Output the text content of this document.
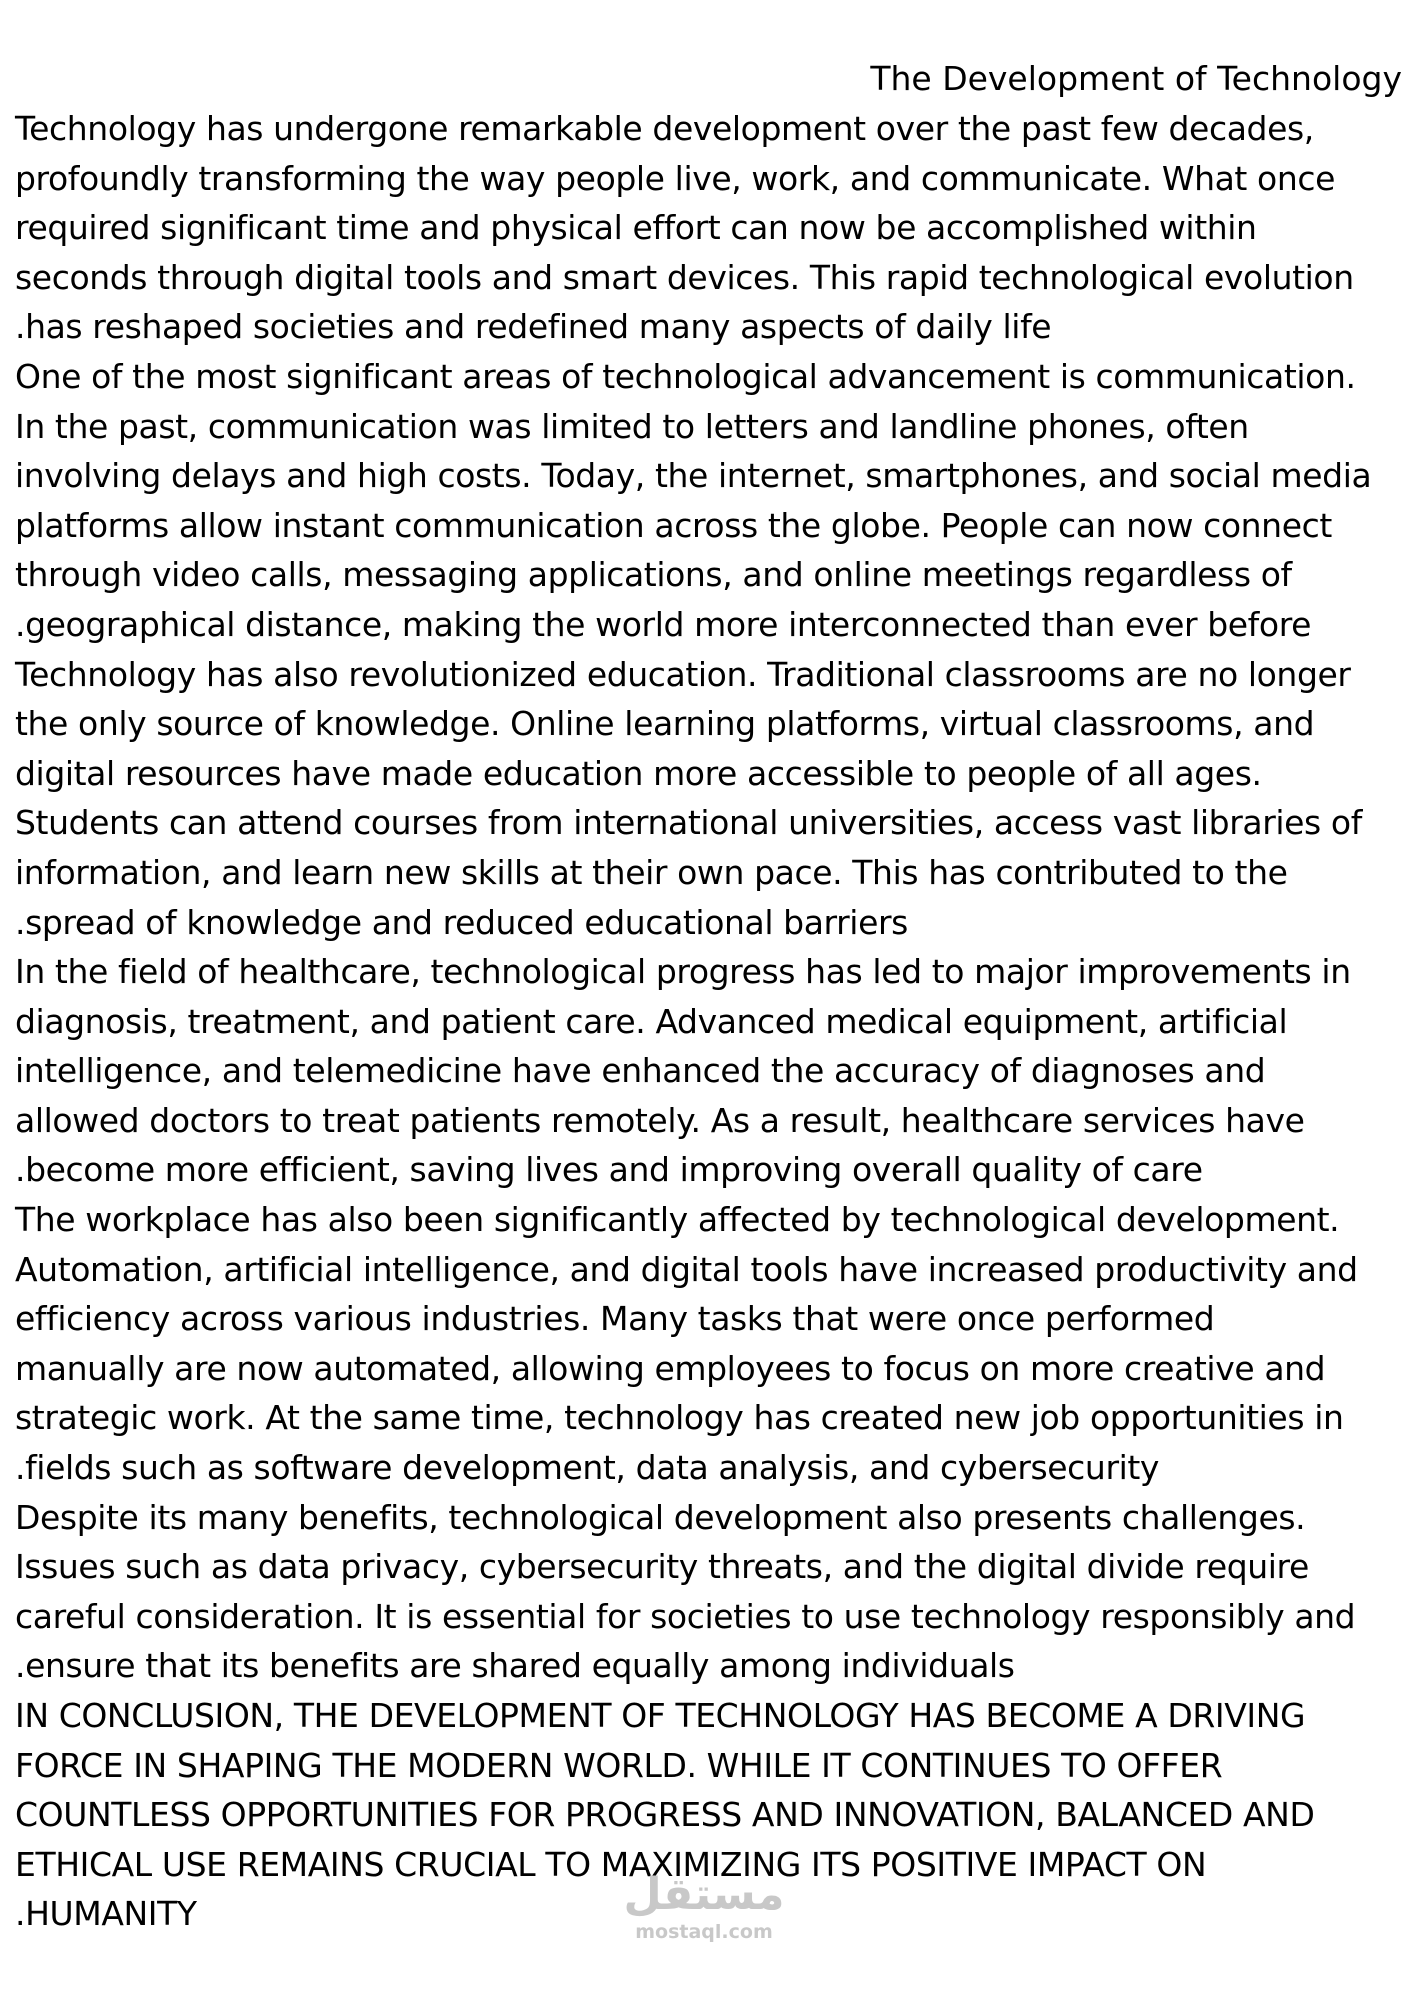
The Development of Technology
Technology has undergone remarkable development over the past few decades,
profoundly transforming the way people live, work, and communicate. What once
required significant time and physical effort can now be accomplished within
seconds through digital tools and smart devices. This rapid technological evolution
.has reshaped societies and redefined many aspects of daily life
One of the most significant areas of technological advancement is communication.
In the past, communication was limited to letters and landline phones, often
involving delays and high costs. Today, the internet, smartphones, and social media
platforms allow instant communication across the globe. People can now connect
through video calls, messaging applications, and online meetings regardless of
.geographical distance, making the world more interconnected than ever before
Technology has also revolutionized education. Traditional classrooms are no longer
the only source of knowledge. Online learning platforms, virtual classrooms, and
digital resources have made education more accessible to people of all ages.
Students can attend courses from international universities, access vast libraries of
information, and learn new skills at their own pace. This has contributed to the
.spread of knowledge and reduced educational barriers
In the field of healthcare, technological progress has led to major improvements in
diagnosis, treatment, and patient care. Advanced medical equipment, artificial
intelligence, and telemedicine have enhanced the accuracy of diagnoses and
allowed doctors to treat patients remotely. As a result, healthcare services have
.become more efficient, saving lives and improving overall quality of care
The workplace has also been significantly affected by technological development.
Automation, artificial intelligence, and digital tools have increased productivity and
efficiency across various industries. Many tasks that were once performed
manually are now automated, allowing employees to focus on more creative and
strategic work. At the same time, technology has created new job opportunities in
.fields such as software development, data analysis, and cybersecurity
Despite its many benefits, technological development also presents challenges.
Issues such as data privacy, cybersecurity threats, and the digital divide require
careful consideration. It is essential for societies to use technology responsibly and
.ensure that its benefits are shared equally among individuals
IN CONCLUSION, THE DEVELOPMENT OF TECHNOLOGY HAS BECOME A DRIVING
FORCE IN SHAPING THE MODERN WORLD. WHILE IT CONTINUES TO OFFER
COUNTLESS OPPORTUNITIES FOR PROGRESS AND INNOVATION, BALANCED AND
ETHICAL USE REMAINS CRUCIAL TO MAXIMIZING ITS POSITIVE IMPACT ON
.HUMANITY	مستقل
mostaql.com
